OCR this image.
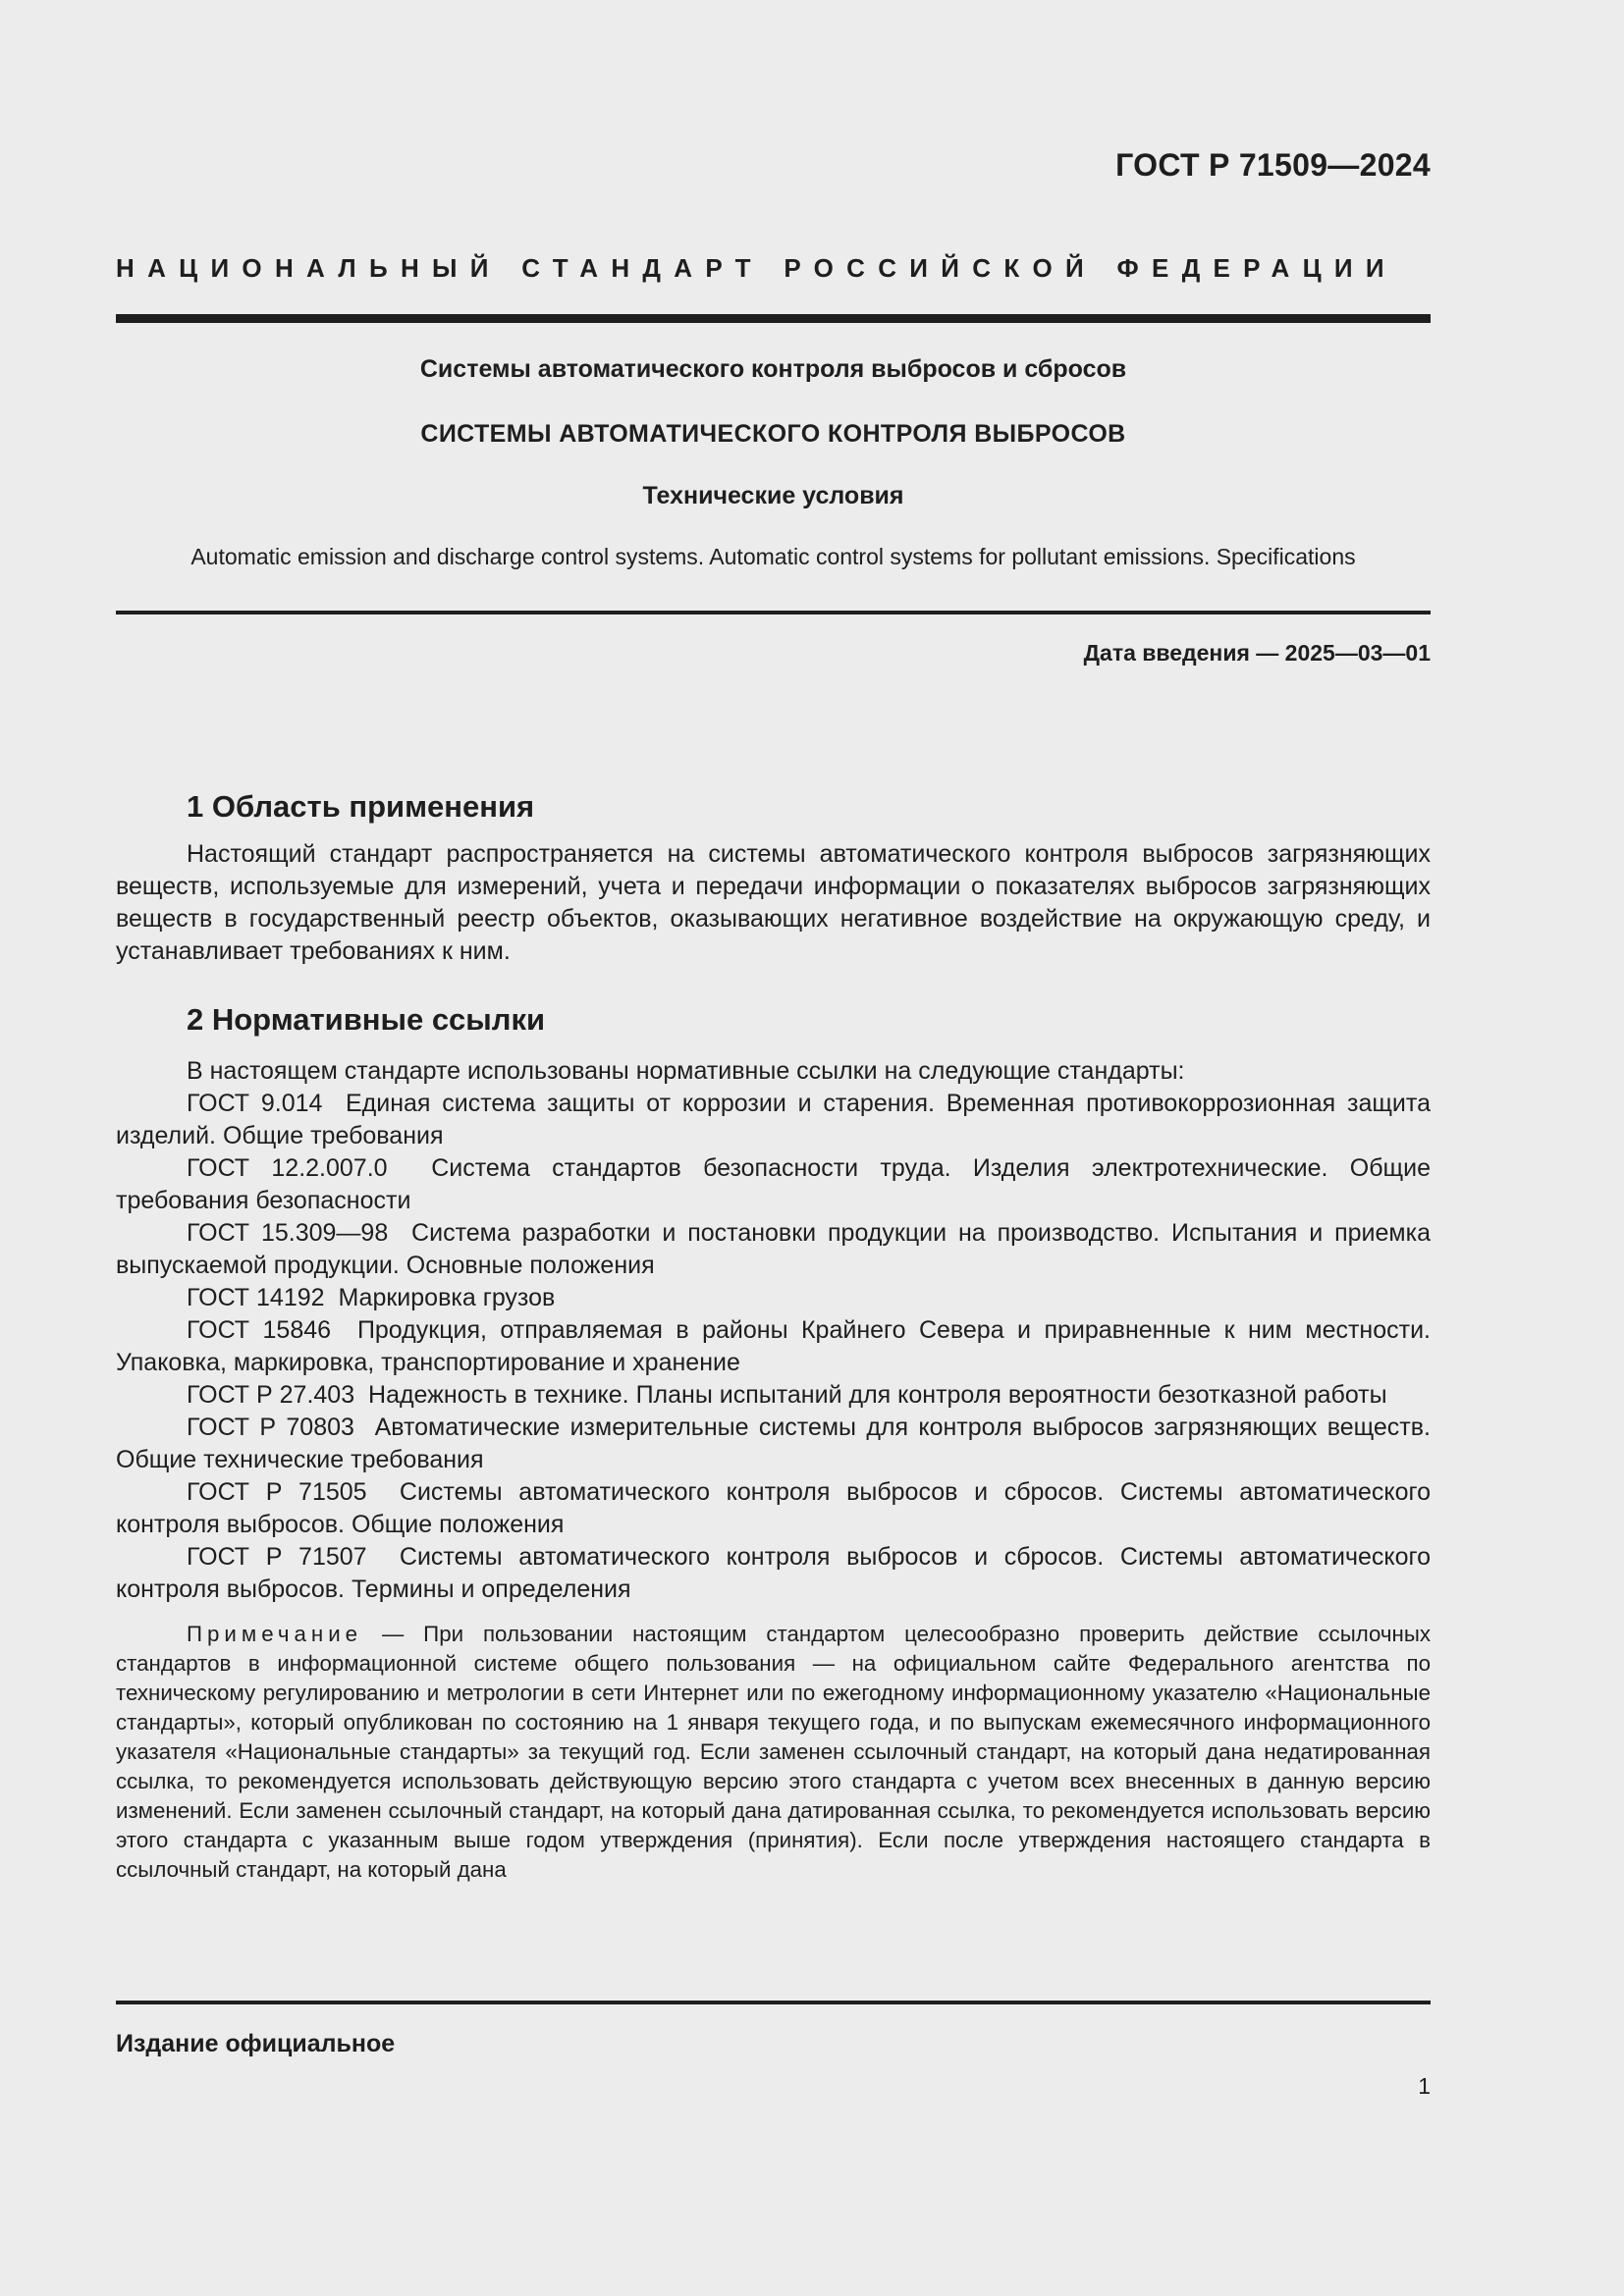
ГОСТ Р 71509—2024
НАЦИОНАЛЬНЫЙ СТАНДАРТ РОССИЙСКОЙ ФЕДЕРАЦИИ
Системы автоматического контроля выбросов и сбросов
СИСТЕМЫ АВТОМАТИЧЕСКОГО КОНТРОЛЯ ВЫБРОСОВ
Технические условия
Automatic emission and discharge control systems. Automatic control systems for pollutant emissions. Specifications
Дата введения — 2025—03—01
1 Область применения

Настоящий стандарт распространяется на системы автоматического контроля выбросов загрязняющих веществ, используемые для измерений, учета и передачи информации о показателях выбросов загрязняющих веществ в государственный реестр объектов, оказывающих негативное воздействие на окружающую среду, и устанавливает требованиях к ним.

2 Нормативные ссылки

В настоящем стандарте использованы нормативные ссылки на следующие стандарты:

ГОСТ 9.014 Единая система защиты от коррозии и старения. Временная противокоррозионная защита изделий. Общие требования

ГОСТ 12.2.007.0 Система стандартов безопасности труда. Изделия электротехнические. Общие требования безопасности

ГОСТ 15.309—98 Система разработки и постановки продукции на производство. Испытания и приемка выпускаемой продукции. Основные положения

ГОСТ 14192 Маркировка грузов

ГОСТ 15846 Продукция, отправляемая в районы Крайнего Севера и приравненные к ним местности. Упаковка, маркировка, транспортирование и хранение

ГОСТ Р 27.403 Надежность в технике. Планы испытаний для контроля вероятности безотказной работы

ГОСТ Р 70803 Автоматические измерительные системы для контроля выбросов загрязняющих веществ. Общие технические требования

ГОСТ Р 71505 Системы автоматического контроля выбросов и сбросов. Системы автоматического контроля выбросов. Общие положения

ГОСТ Р 71507 Системы автоматического контроля выбросов и сбросов. Системы автоматического контроля выбросов. Термины и определения

Примечание — При пользовании настоящим стандартом целесообразно проверить действие ссылочных стандартов в информационной системе общего пользования — на официальном сайте Федерального агентства по техническому регулированию и метрологии в сети Интернет или по ежегодному информационному указателю «Национальные стандарты», который опубликован по состоянию на 1 января текущего года, и по выпускам ежемесячного информационного указателя «Национальные стандарты» за текущий год. Если заменен ссылочный стандарт, на который дана недатированная ссылка, то рекомендуется использовать действующую версию этого стандарта с учетом всех внесенных в данную версию изменений. Если заменен ссылочный стандарт, на который дана датированная ссылка, то рекомендуется использовать версию этого стандарта с указанным выше годом утверждения (принятия). Если после утверждения настоящего стандарта в ссылочный стандарт, на который дана
Издание официальное
1
